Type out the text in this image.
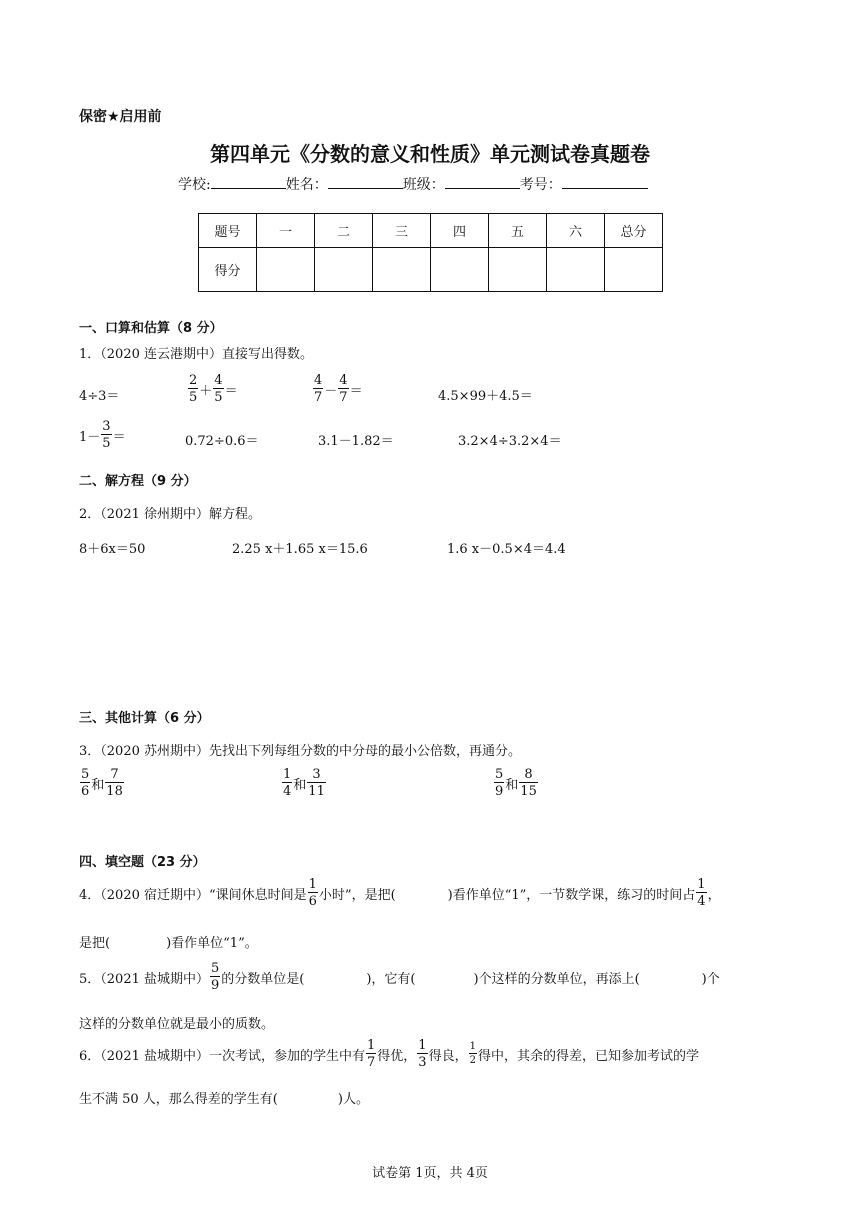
保密★启用前
第四单元《分数的意义和性质》单元测试卷真题卷
学校:	姓名：	班级：	考号：
题号	一	二	三	四	五	六	总分
得分							
一、口算和估算（8 分）
1．（2020 连云港期中）直接写出得数。
4÷3＝	$\frac{2}{5} + \frac{4}{5}$ ＝	$\frac{4}{7} - \frac{4}{7}$ ＝	4.5×99＋4.5＝
$1- \frac{3}{5}$ ＝	0.72÷0.6＝	3.1－1.82＝	3.2×4÷3.2×4＝
二、解方程（9 分）
2．（2021 徐州期中）解方程。
8＋6x＝50	2.25 x＋1.65 x＝15.6	1.6 x－0.5×4＝4.4
三、其他计算（6 分）
3．（2020 苏州期中）先找出下列每组分数的中分母的最小公倍数，再通分。
$\frac{5}{6}$ 和 $\frac{7}{18}$	$\frac{1}{4}$ 和 $\frac{3}{11}$	$\frac{5}{9}$ 和 $\frac{8}{15}$
四、填空题（23 分）
4．（2020 宿迁期中）“课间休息时间是 $\frac{1}{6}$ 小时”，是把(	)看作单位“1”，一节数学课，练习的时间占 $\frac{1}{4}$ ，
是把(	)看作单位“1”。
5．（2021 盐城期中） $\frac{5}{9}$ 的分数单位是(	)，它有(	)个这样的分数单位，再添上(	)个
这样的分数单位就是最小的质数。
6．（2021 盐城期中）一次考试，参加的学生中有 $\frac{1}{7}$ 得优， $\frac{1}{3}$ 得良， $\frac{1}{2}$ 得中，其余的得差，已知参加考试的学
生不满 50 人，那么得差的学生有(	)人。
试卷第 1页，共 4页
